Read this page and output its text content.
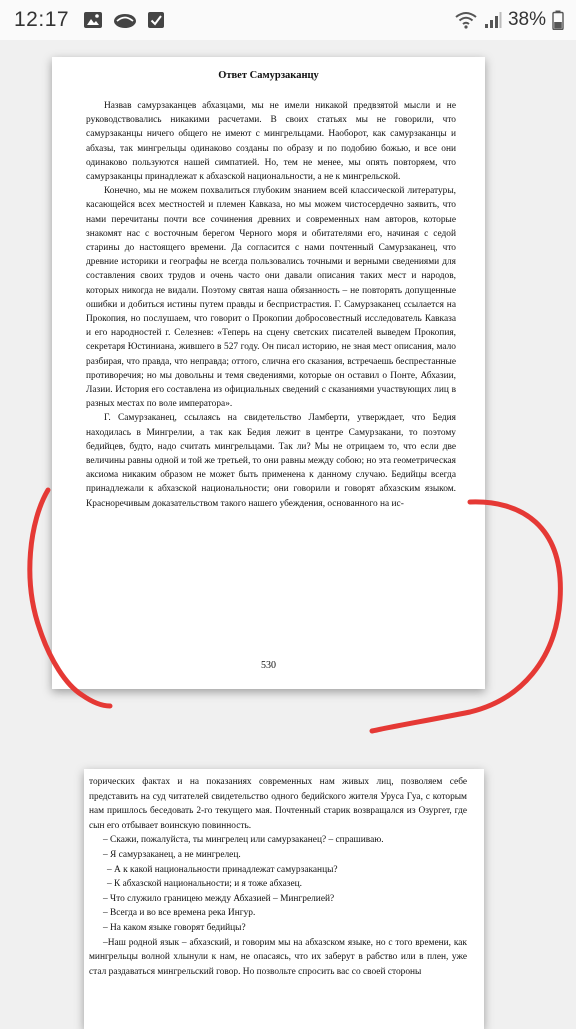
12:17	38%
Ответ Самурзаканцу

Назвав самурзаканцев абхазцами, мы не имели никакой предвзятой мысли и не руководствовались никакими расчетами. В своих статьях мы не говорили, что самурзаканцы ничего общего не имеют с мингрельцами. Наоборот, как самурзаканцы и абхазы, так мингрельцы одинаково созданы по образу и по подобию божью, и все они одинаково пользуются нашей симпатией. Но, тем не менее, мы опять повторяем, что самурзаканцы принадлежат к абхазской национальности, а не к мингрельской.

Конечно, мы не можем похвалиться глубоким знанием всей классической литературы, касающейся всех местностей и племен Кавказа, но мы можем чистосердечно заявить, что нами перечитаны почти все сочинения древних и современных нам авторов, которые знакомят нас с восточным берегом Черного моря и обитателями его, начиная с седой старины до настоящего времени. Да согласится с нами почтенный Самурзаканец, что древние историки и географы не всегда пользовались точными и верными сведениями для составления своих трудов и очень часто они давали описания таких мест и народов, которых никогда не видали. Поэтому святая наша обязанность – не повторять допущенные ошибки и добиться истины путем правды и беспристрастия. Г. Самурзаканец ссылается на Прокопия, но послушаем, что говорит о Прокопии добросовестный исследователь Кавказа и его народностей г. Селезнев: «Теперь на сцену светских писателей выведем Прокопия, секретаря Юстиниана, жившего в 527 году. Он писал историю, не зная мест описания, мало разбирая, что правда, что неправда; оттого, слична его сказания, встречаешь беспрестанные противоречия; но мы довольны и темя сведениями, которые он оставил о Понте, Абхазии, Лазии. История его составлена из официальных сведений с сказаниями участвующих лиц в разных местах по воле императора».

Г. Самурзаканец, ссылаясь на свидетельство Ламберти, утверждает, что Бедия находилась в Мингрелии, а так как Бедия лежит в центре Самурзакани, то поэтому бедийцев, будто, надо считать мингрельцами. Так ли? Мы не отрицаем то, что если две величины равны одной и той же третьей, то они равны между собою; но эта геометрическая аксиома никаким образом не может быть применена к данному случаю. Бедийцы всегда принадлежали к абхазской национальности; они говорили и говорят абхазским языком. Красноречивым доказательством такого нашего убеждения, основанного на ис-

530

торических фактах и на показаниях современных нам живых лиц, позволяем себе представить на суд читателей свидетельство одного бедийского жителя Уруса Гуа, с которым нам пришлось беседовать 2-го текущего мая. Почтенный старик возвращался из Озургет, где сын его отбывает воинскую повинность.

– Скажи, пожалуйста, ты мингрелец или самурзаканец? – спрашиваю.

– Я самурзаканец, а не мингрелец.

– А к какой национальности принадлежат самурзаканцы?

– К абхазской национальности; и я тоже абхазец.

– Что служило границею между Абхазией – Мингрелией?

– Всегда и во все времена река Ингур.

– На каком языке говорят бедийцы?

–Наш родной язык – абхазский, и говорим мы на абхазском языке, но с того времени, как мингрельцы волной хлынули к нам, не опасаясь, что их заберут в рабство или в плен, уже стал раздаваться мингрельский говор. Но позвольте спросить вас со своей стороны
